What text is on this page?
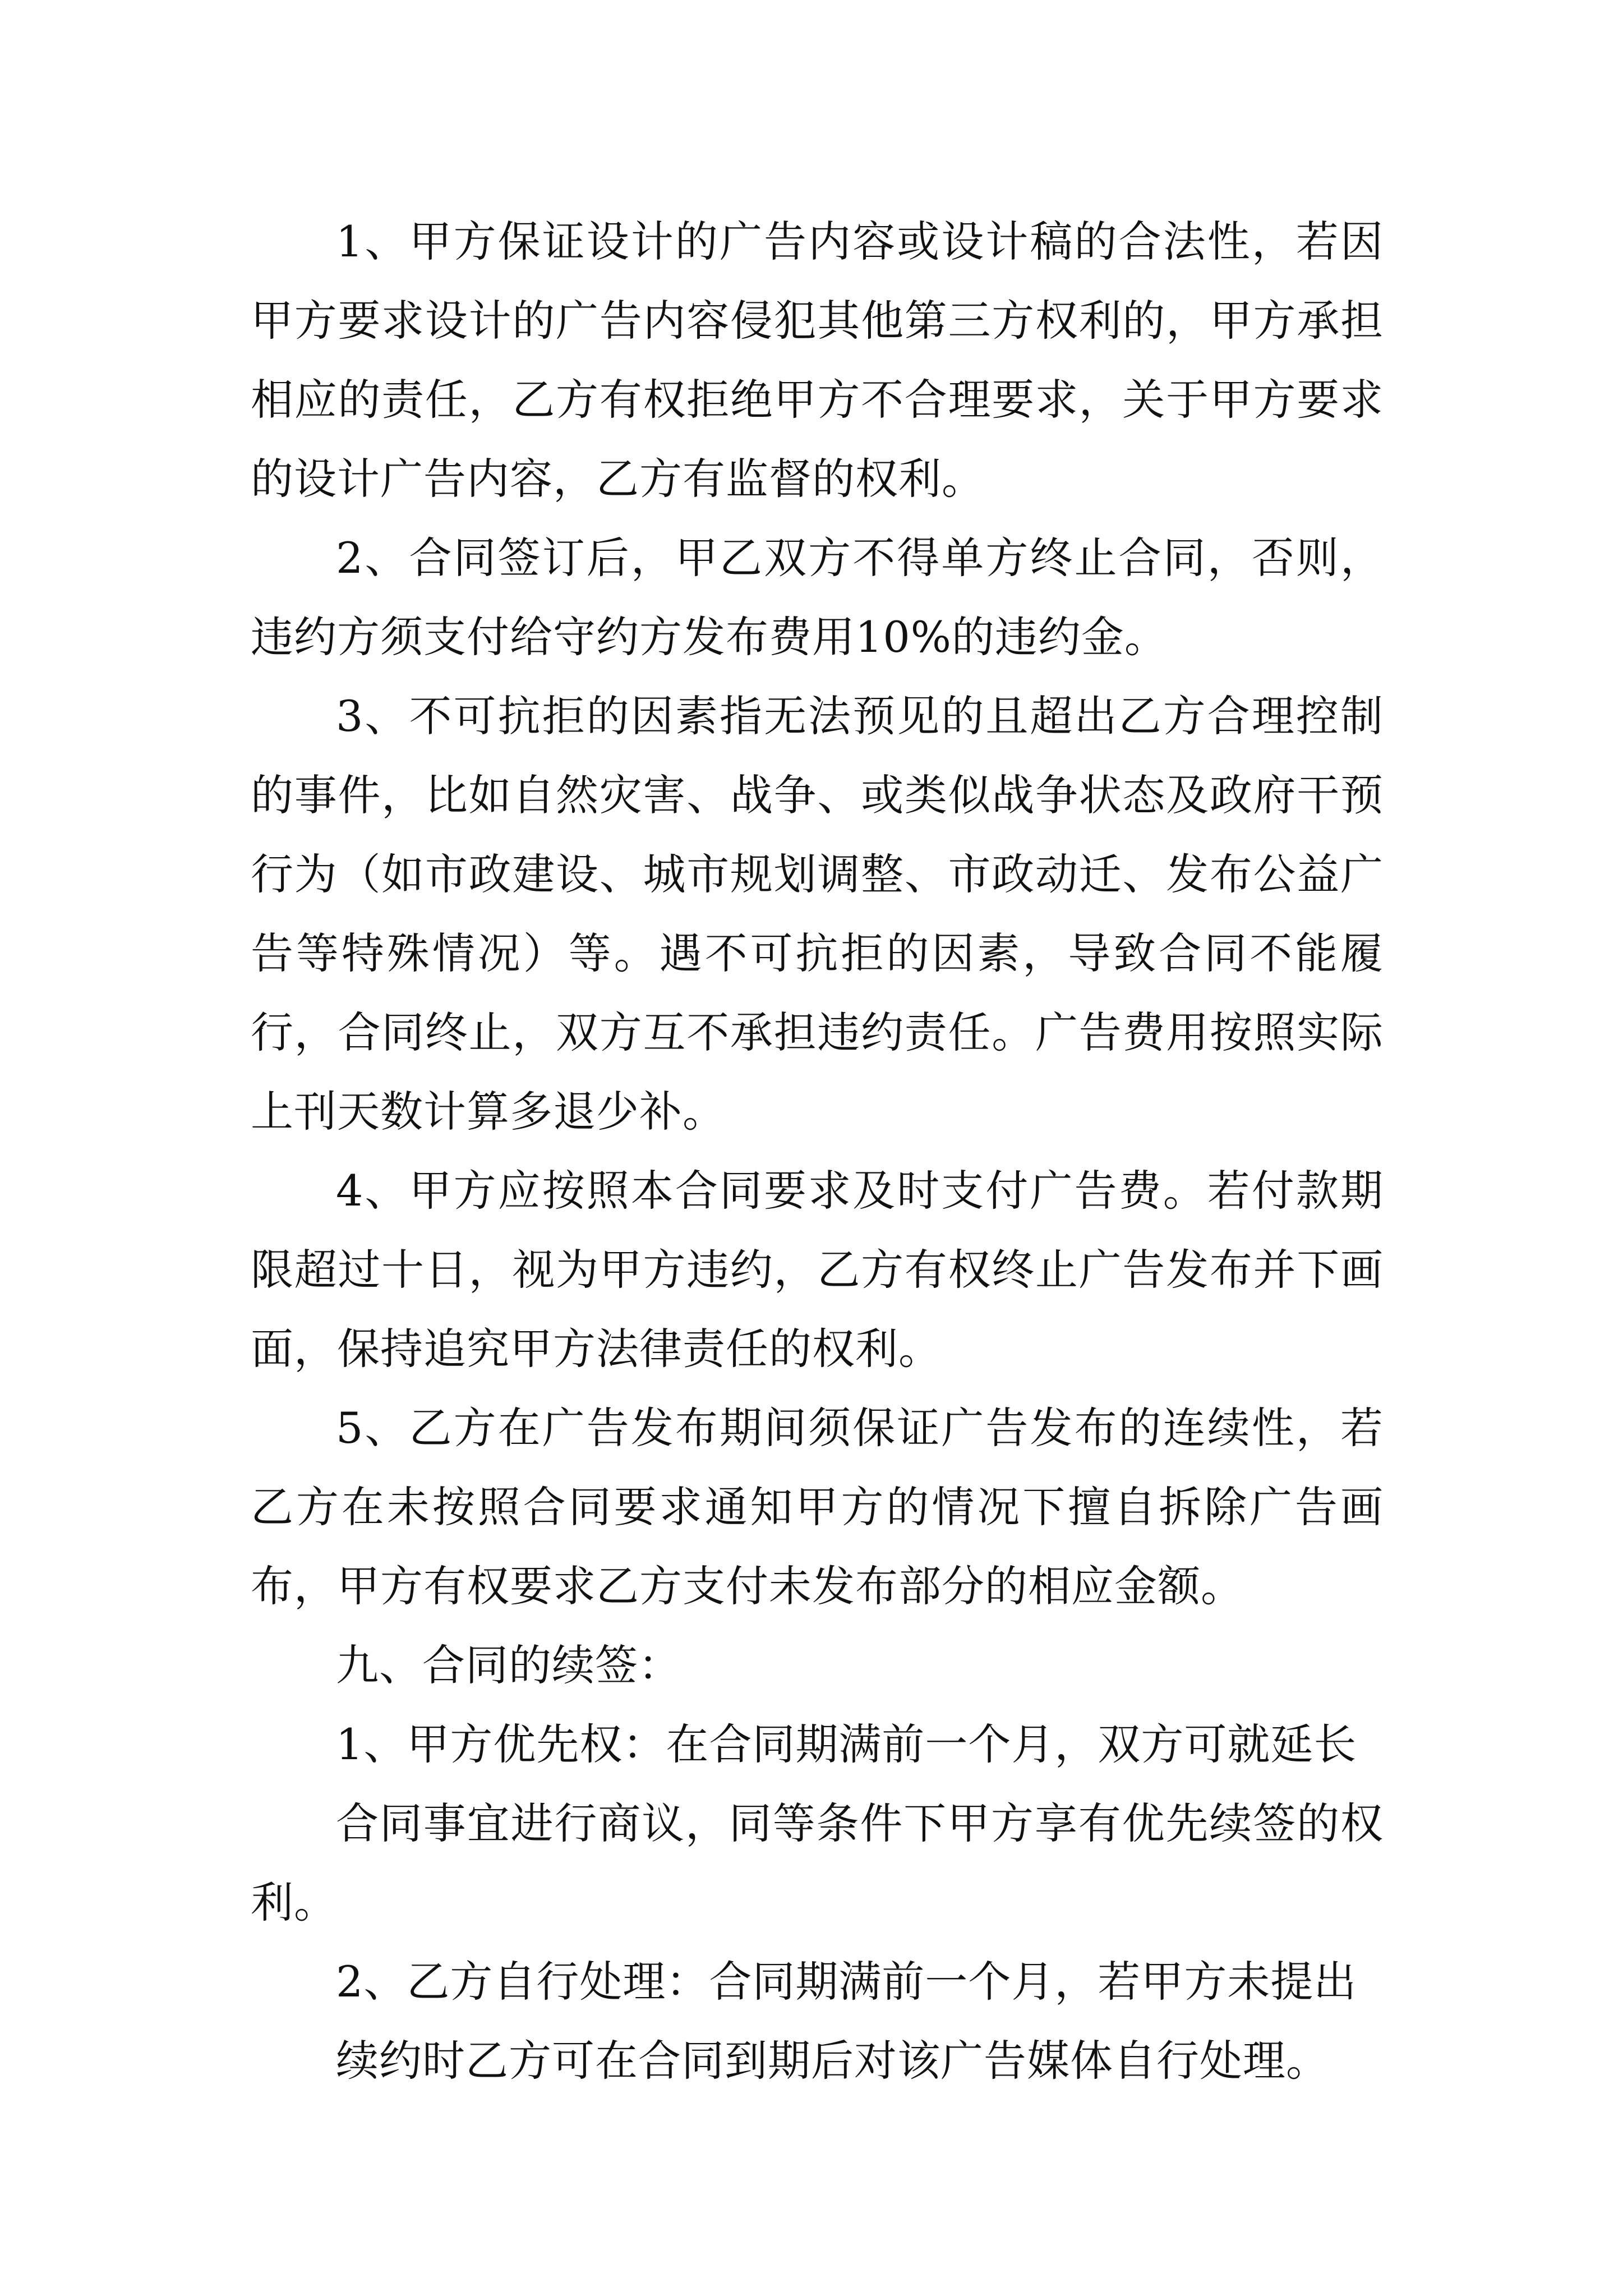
1、甲方保证设计的广告内容或设计稿的合法性，若因甲方要求设计的广告内容侵犯其他第三方权利的，甲方承担相应的责任，乙方有权拒绝甲方不合理要求，关于甲方要求的设计广告内容，乙方有监督的权利。

2、合同签订后，甲乙双方不得单方终止合同，否则，违约方须支付给守约方发布费用10%的违约金。

3、不可抗拒的因素指无法预见的且超出乙方合理控制的事件，比如自然灾害、战争、或类似战争状态及政府干预行为（如市政建设、城市规划调整、市政动迁、发布公益广告等特殊情况）等。遇不可抗拒的因素，导致合同不能履行，合同终止，双方互不承担违约责任。广告费用按照实际上刊天数计算多退少补。

4、甲方应按照本合同要求及时支付广告费。若付款期限超过十日，视为甲方违约，乙方有权终止广告发布并下画面，保持追究甲方法律责任的权利。

5、乙方在广告发布期间须保证广告发布的连续性，若乙方在未按照合同要求通知甲方的情况下擅自拆除广告画布，甲方有权要求乙方支付未发布部分的相应金额。

九、合同的续签：

1、甲方优先权：在合同期满前一个月，双方可就延长
合同事宜进行商议，同等条件下甲方享有优先续签的权利。
2、乙方自行处理：合同期满前一个月，若甲方未提出
续约时乙方可在合同到期后对该广告媒体自行处理。
